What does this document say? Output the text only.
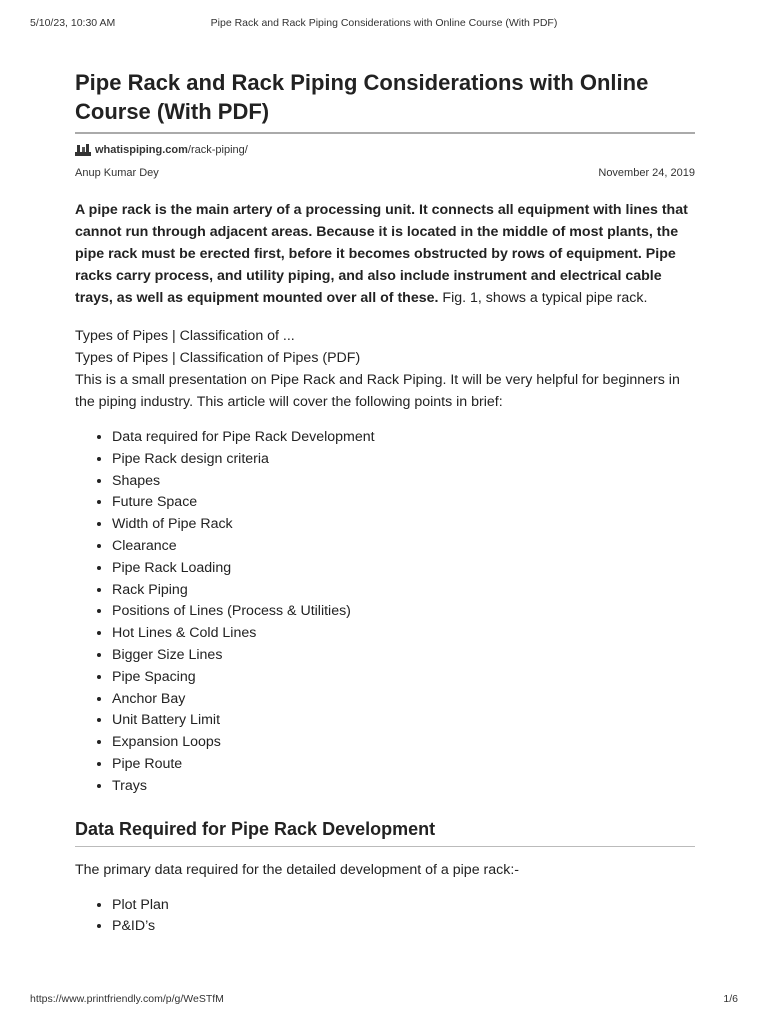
5/10/23, 10:30 AM	Pipe Rack and Rack Piping Considerations with Online Course (With PDF)
Pipe Rack and Rack Piping Considerations with Online Course (With PDF)
whatispiping.com/rack-piping/
Anup Kumar Dey	November 24, 2019

A pipe rack is the main artery of a processing unit. It connects all equipment with lines that cannot run through adjacent areas. Because it is located in the middle of most plants, the pipe rack must be erected first, before it becomes obstructed by rows of equipment. Pipe racks carry process, and utility piping, and also include instrument and electrical cable trays, as well as equipment mounted over all of these. Fig. 1, shows a typical pipe rack.

Types of Pipes | Classification of ...
Types of Pipes | Classification of Pipes (PDF)
This is a small presentation on Pipe Rack and Rack Piping. It will be very helpful for beginners in the piping industry. This article will cover the following points in brief:
• Data required for Pipe Rack Development
• Pipe Rack design criteria
• Shapes
• Future Space
• Width of Pipe Rack
• Clearance
• Pipe Rack Loading
• Rack Piping
• Positions of Lines (Process & Utilities)
• Hot Lines & Cold Lines
• Bigger Size Lines
• Pipe Spacing
• Anchor Bay
• Unit Battery Limit
• Expansion Loops
• Pipe Route
• Trays
Data Required for Pipe Rack Development

The primary data required for the detailed development of a pipe rack:-

• Plot Plan
• P&ID’s
https://www.printfriendly.com/p/g/WeSTfM	1/6
